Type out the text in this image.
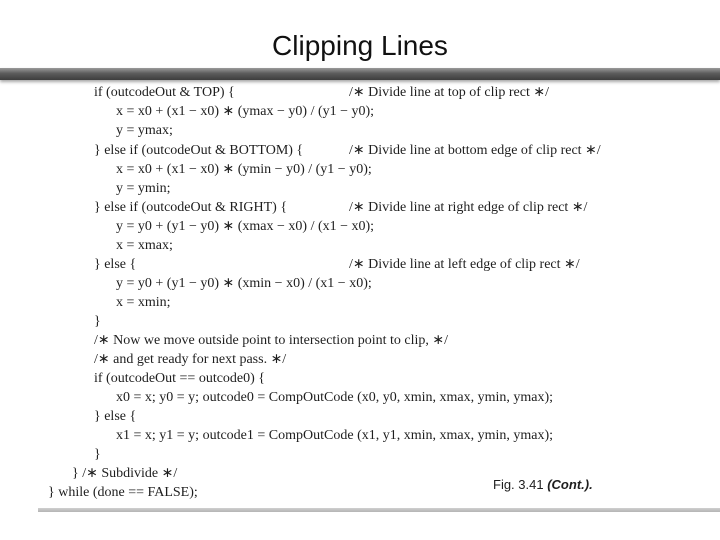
Clipping Lines
if (outcodeOut & TOP) {
x = x0 + (x1 − x0) ∗ (ymax − y0) / (y1 − y0);
y = ymax;
} else if (outcodeOut & BOTTOM) {
x = x0 + (x1 − x0) ∗ (ymin − y0) / (y1 − y0);
y = ymin;
} else if (outcodeOut & RIGHT) {
y = y0 + (y1 − y0) ∗ (xmax − x0) / (x1 − x0);
x = xmax;
} else {
y = y0 + (y1 − y0) ∗ (xmin − x0) / (x1 − x0);
x = xmin;
}
/∗ Now we move outside point to intersection point to clip, ∗/
/∗ and get ready for next pass. ∗/
if (outcodeOut == outcode0) {
x0 = x; y0 = y; outcode0 = CompOutCode (x0, y0, xmin, xmax, ymin, ymax);
} else {
x1 = x; y1 = y; outcode1 = CompOutCode (x1, y1, xmin, xmax, ymin, ymax);
}
} /∗ Subdivide ∗/
} while (done == FALSE);
/∗ Divide line at top of clip rect ∗/
/∗ Divide line at bottom edge of clip rect ∗/
/∗ Divide line at right edge of clip rect ∗/
/∗ Divide line at left edge of clip rect ∗/
Fig. 3.41 (Cont.).
